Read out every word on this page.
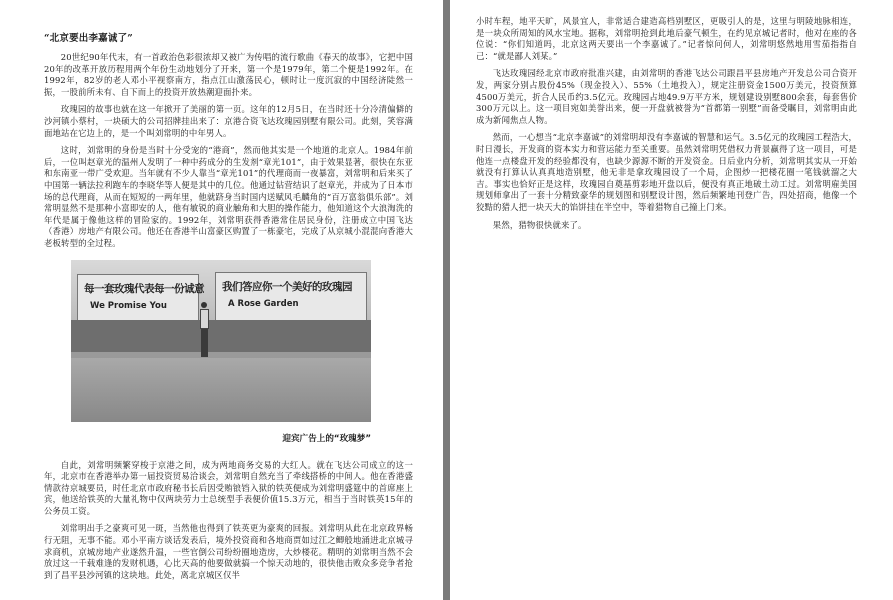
“北京要出李嘉诚了”

20世纪90年代末，有一首政治色彩很浓却又被广为传唱的流行歌曲《春天的故事》，它把中国20年的改革开放历程用两个年份生动地划分了开来，第一个是1979年，第二个便是1992年。在1992年，82岁的老人邓小平视察南方，指点江山激荡民心，顿时让一度沉寂的中国经济陡然一振，一股前所未有、自下而上的投资开放热潮迎面扑来。

玫瑰园的故事也就在这一年掀开了美丽的第一页。这年的12月5日，在当时还十分冷清偏僻的沙河镇小蔡村，一块硕大的公司招牌挂出来了：京港合资飞达玫瑰园别墅有限公司。此刻，笑容满面地站在它边上的，是一个叫刘常明的中年男人。

这时，刘常明的身份是当时十分受宠的“港商”，然而他其实是一个地道的北京人。1984年前后，一位叫赵章光的温州人发明了一种中药成分的生发剂“章光101”，由于效果显著，很快在东亚和东南亚一带广受欢迎。当年就有不少人靠当“章光101”的代理商而一夜暴富，刘常明和后来买了中国第一辆法拉利跑车的李晓华等人便是其中的几位。他通过钻营结识了赵章光，并成为了日本市场的总代理商，从而在短短的一两年里，他就跻身当时国内送赋风毛麟角的“百万富翁俱乐部”。刘常明显然不是那种小富即安的人，他有敏锐的商业触角和大胆的操作能力，他知道这个大浪淘洗的年代是属于像他这样的冒险家的。1992年，刘常明获得香港常住居民身份，注册成立中国飞达（香港）房地产有限公司。他还在香港半山富豪区购置了一栋豪宅，完成了从京城小混混向香港大老板转型的全过程。

每一套玫瑰代表每一份诚意
We Promise You
我们答应你一个美好的玫瑰园
A Rose Garden
迎宾广告上的“玫瑰梦”

自此，刘常明频繁穿梭于京港之间，成为两地商务交易的大红人。就在飞达公司成立的这一年，北京市在香港举办第一届投资贸易洽谈会，刘常明自然充当了牵线搭桥的中间人。他在香港盛情款待京城要员，时任北京市政府秘书长后因受贿锒铛入狱的铁英便成为刘常明盛筵中的首席座上宾，他送给铁英的大量礼物中仅两块劳力士总统型手表便价值15.3万元，相当于当时铁英15年的公务员工资。

刘常明出手之豪爽可见一斑，当然他也得到了铁英更为豪爽的回报。刘常明从此在北京政界畅行无阻，无事不能。邓小平南方谈话发表后，境外投资商和各地商贾如过江之鲫般地涌进北京城寻求商机，京城房地产业遂然升温，一些官倒公司纷纷圈地造房，大炒楼花。精明的刘常明当然不会放过这一千载难逢的发财机遇，心比天高的他要做就搞一个惊天动地的，很快他击败众多竞争者抢到了昌平县沙河镇的这块地。此处，离北京城区仅半

小时车程，地平天旷，风景宜人，非常适合建造高档别墅区，更吸引人的是，这里与明陵地脉相连，是一块众所周知的风水宝地。据称，刘常明抢到此地后豪气顿生，在约见京城记者时，他对在座的各位说：“你们知道吗，北京这两天要出一个李嘉诚了。”记者惊问何人，刘常明悠然地用雪茄指指自己：“就是鄙人刘某。”

飞达玫瑰园经北京市政府批准兴建，由刘常明的香港飞达公司跟昌平县房地产开发总公司合资开发，两家分别占股份45%（现金投入）、55%（土地投入），规定注册资金1500万美元，投资预算4500万美元，折合人民币约3.5亿元。玫瑰园占地49.9万平方米，规划建设别墅800余套，每套售价300万元以上。这一项目宛如美誉出来，便一开盘就被誉为“首都第一别墅”而备受瞩目，刘常明由此成为新闻焦点人物。

然而，一心想当“北京李嘉诚”的刘常明却没有李嘉诚的智慧和运气。3.5亿元的玫瑰园工程浩大，时日漫长，开发商的资本实力和营运能力至关重要。虽然刘常明凭借权力背景赢得了这一项目，可是他连一点楼盘开发的经验都没有，也缺少源源不断的开发资金。日后业内分析，刘常明其实从一开始就没有打算认认真真地造别墅，他无非是拿玫瑰园设了一个局，企图炒一把楼花圈一笔钱就溜之大吉。事实也恰好正是这样，玫瑰园自奠基剪彩地开盘以后，便没有真正地破土动工过。刘常明雇美国规划师拿出了一套十分精致豪华的规划图和别墅设计图，然后频繁地刊登广告，四处招商，他像一个狡黠的猎人把一块天大的馅饼挂在半空中，等着猎物自己撞上门来。

果然，猎物很快就来了。
